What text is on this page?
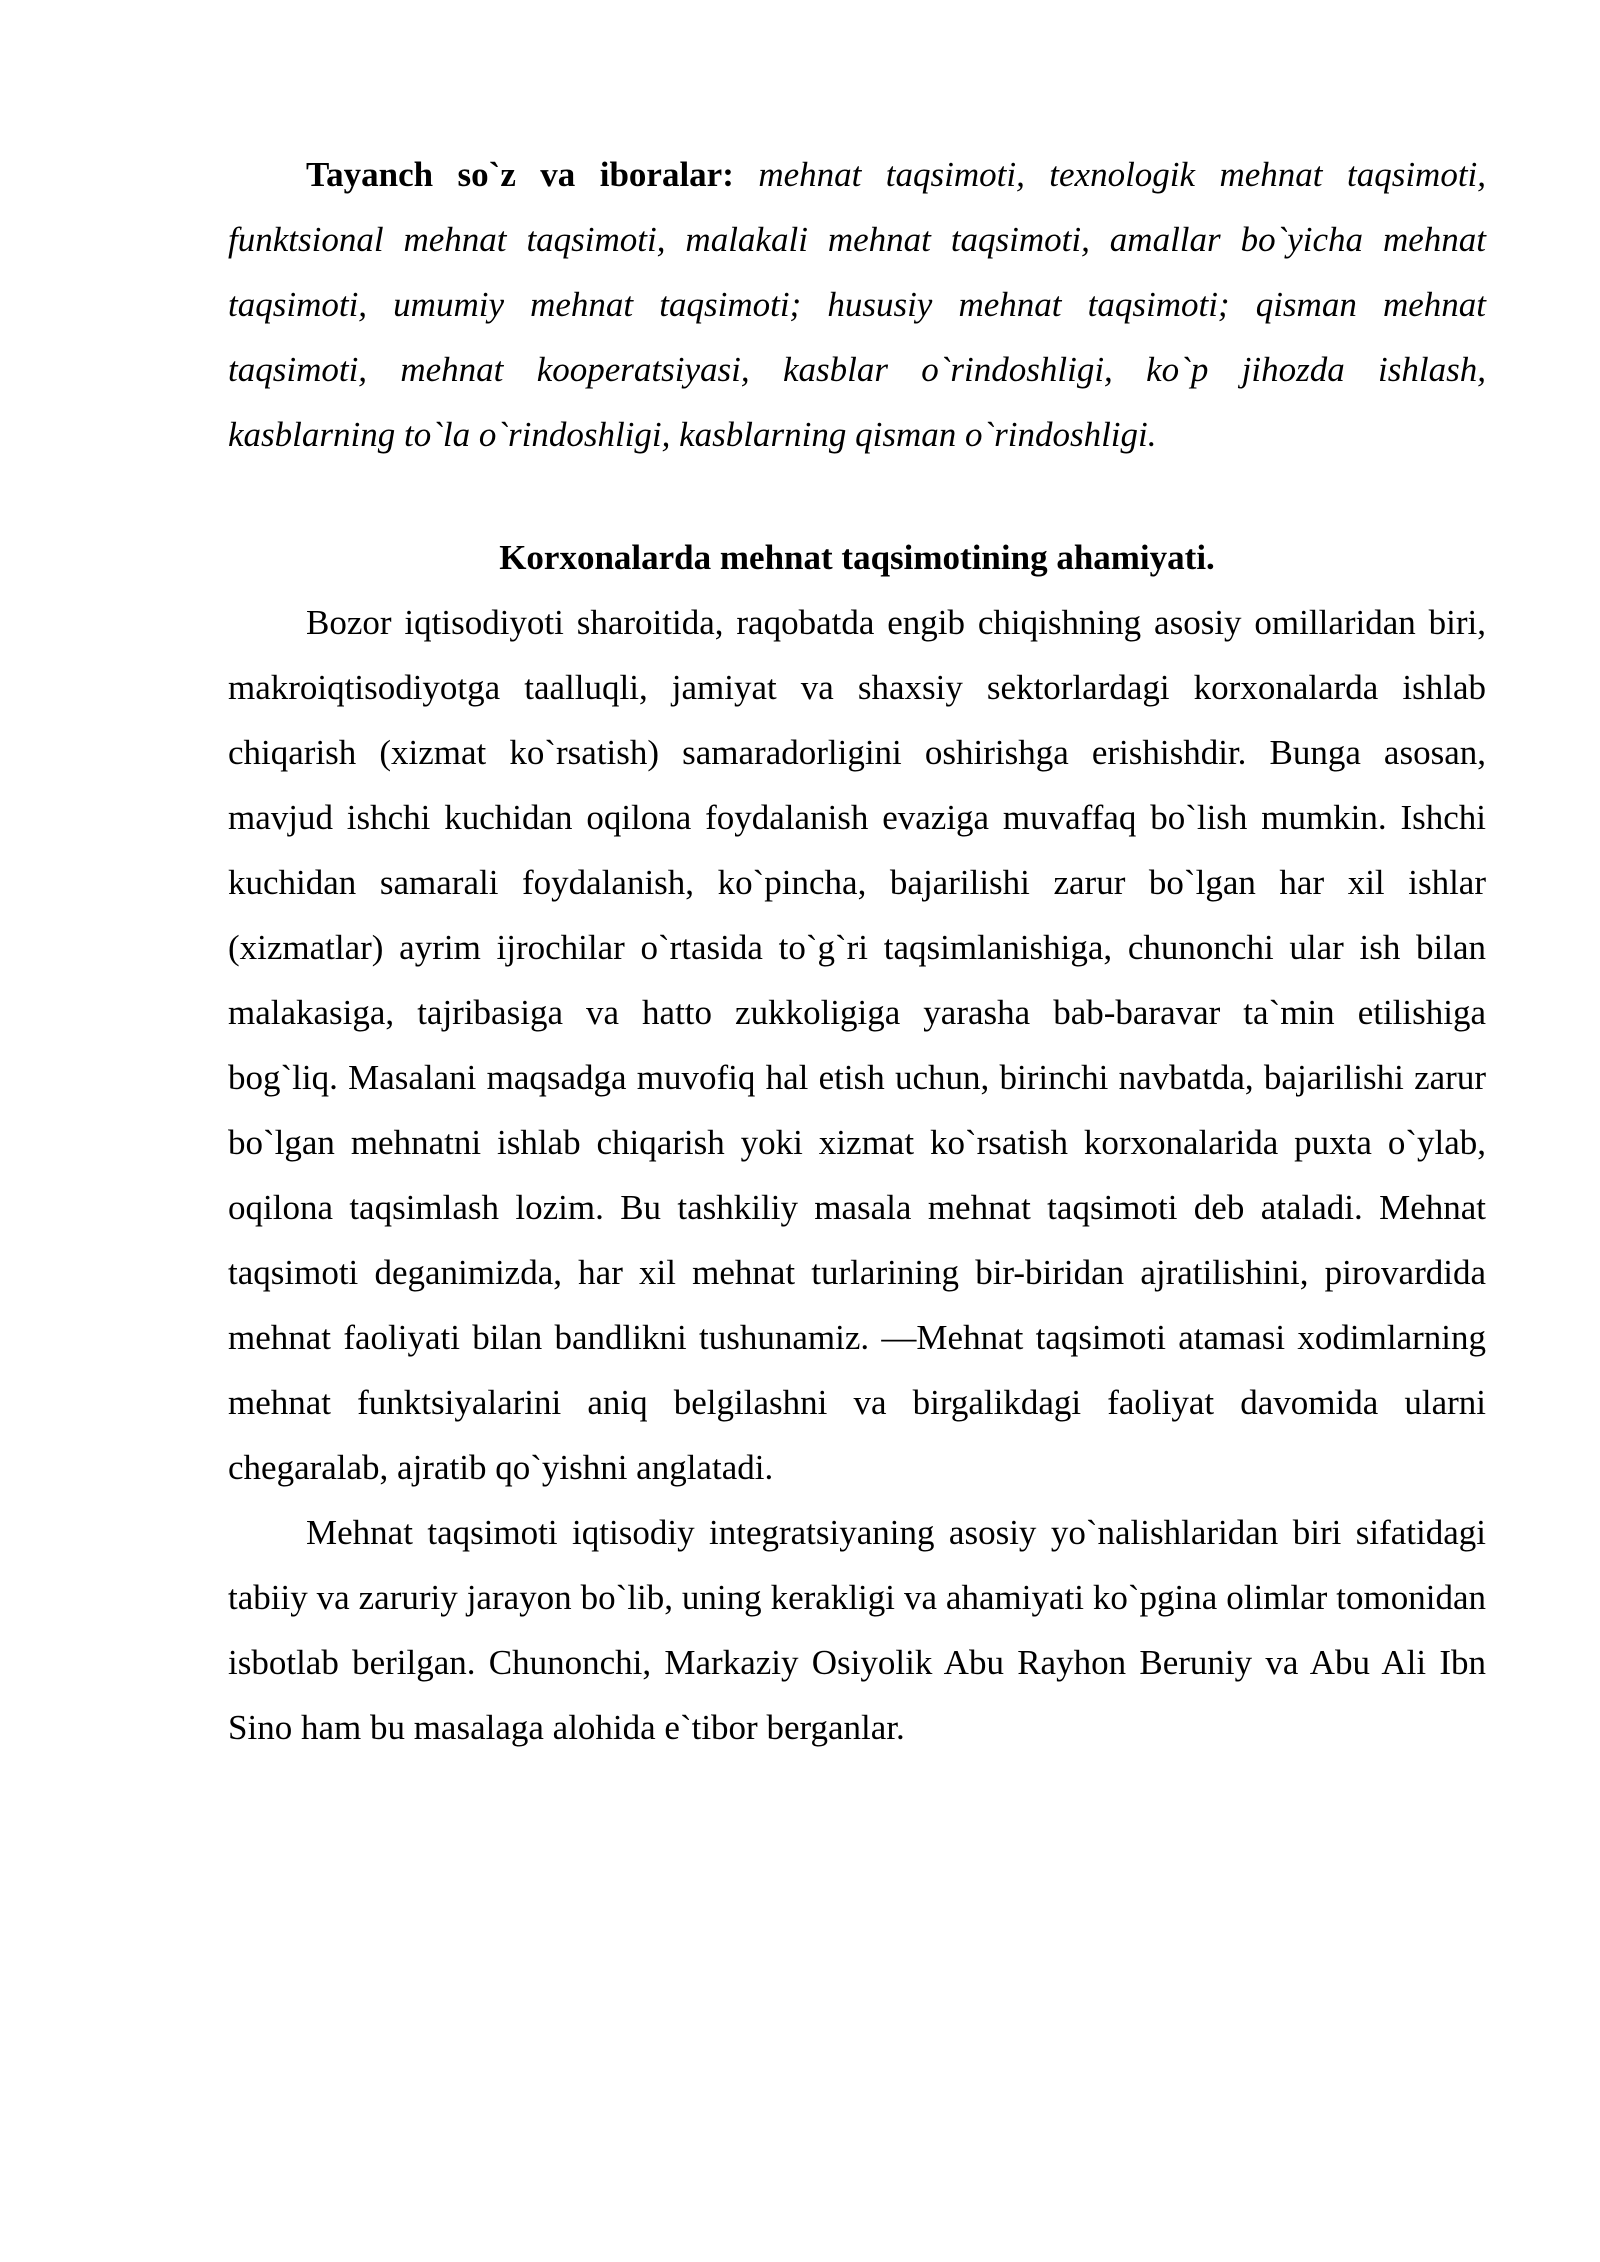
Tayanch so`z va iboralar: mehnat taqsimoti, texnologik mehnat taqsimoti, funktsional mehnat taqsimoti, malakali mehnat taqsimoti, amallar bo`yicha mehnat taqsimoti, umumiy mehnat taqsimoti; hususiy mehnat taqsimoti; qisman mehnat taqsimoti, mehnat kooperatsiyasi, kasblar o`rindoshligi, ko`p jihozda ishlash, kasblarning to`la o`rindoshligi, kasblarning qisman o`rindoshligi.

Korxonalarda mehnat taqsimotining ahamiyati.

Bozor iqtisodiyoti sharoitida, raqobatda engib chiqishning asosiy omillaridan biri, makroiqtisodiyotga taalluqli, jamiyat va shaxsiy sektorlardagi korxonalarda ishlab chiqarish (xizmat ko`rsatish) samaradorligini oshirishga erishishdir. Bunga asosan, mavjud ishchi kuchidan oqilona foydalanish evaziga muvaffaq bo`lish mumkin. Ishchi kuchidan samarali foydalanish, ko`pincha, bajarilishi zarur bo`lgan har xil ishlar (xizmatlar) ayrim ijrochilar o`rtasida to`g`ri taqsimlanishiga, chunonchi ular ish bilan malakasiga, tajribasiga va hatto zukkoligiga yarasha bab-baravar ta`min etilishiga bog`liq. Masalani maqsadga muvofiq hal etish uchun, birinchi navbatda, bajarilishi zarur bo`lgan mehnatni ishlab chiqarish yoki xizmat ko`rsatish korxonalarida puxta o`ylab, oqilona taqsimlash lozim. Bu tashkiliy masala mehnat taqsimoti deb ataladi. Mehnat taqsimoti deganimizda, har xil mehnat turlarining bir-biridan ajratilishini, pirovardida mehnat faoliyati bilan bandlikni tushunamiz. ―Mehnat taqsimoti atamasi xodimlarning mehnat funktsiyalarini aniq belgilashni va birgalikdagi faoliyat davomida ularni chegaralab, ajratib qo`yishni anglatadi.

Mehnat taqsimoti iqtisodiy integratsiyaning asosiy yo`nalishlaridan biri sifatidagi tabiiy va zaruriy jarayon bo`lib, uning kerakligi va ahamiyati ko`pgina olimlar tomonidan isbotlab berilgan. Chunonchi, Markaziy Osiyolik Abu Rayhon Beruniy va Abu Ali Ibn Sino ham bu masalaga alohida e`tibor berganlar.
